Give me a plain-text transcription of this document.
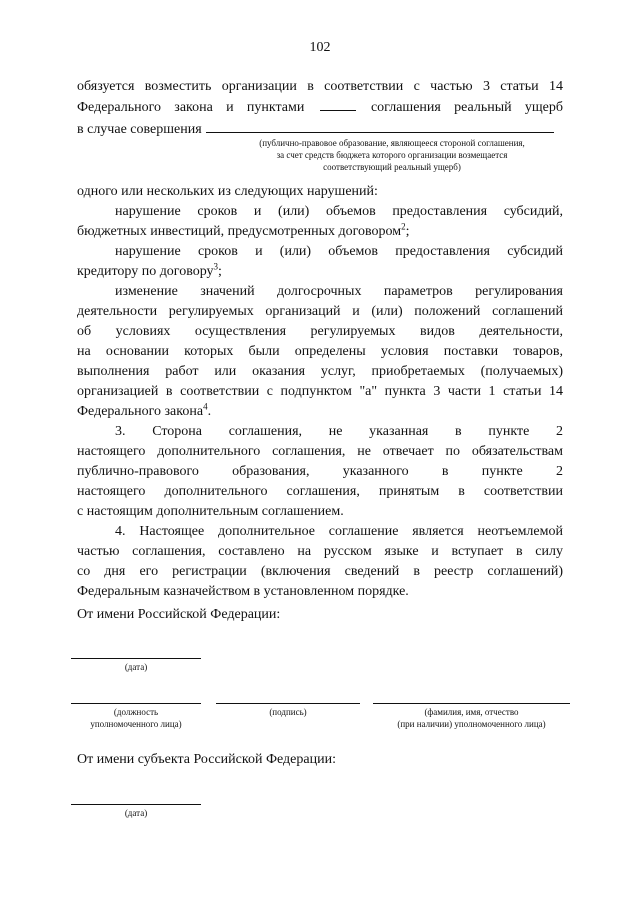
102

обязуется возместить организации в соответствии с частью 3 статьи 14

Федерального закона и пунктами	соглашения реальный ущерб

в случае совершения

(публично-правовое образование, являющееся стороной соглашения,
за счет средств бюджета которого организации возмещается
соответствующий реальный ущерб)

одного или нескольких из следующих нарушений:

нарушение сроков и (или) объемов предоставления субсидий,

бюджетных инвестиций, предусмотренных договором$^2$;

нарушение сроков и (или) объемов предоставления субсидий

кредитору по договору$^3$;

изменение значений долгосрочных параметров регулирования

деятельности регулируемых организаций и (или) положений соглашений

об условиях осуществления регулируемых видов деятельности,

на основании которых были определены условия поставки товаров,

выполнения работ или оказания услуг, приобретаемых (получаемых)

организацией в соответствии с подпунктом "а" пункта 3 части 1 статьи 14

Федерального закона$^4$.

3. Сторона соглашения, не указанная в пункте 2

настоящего дополнительного соглашения, не отвечает по обязательствам

публично-правового образования, указанного в пункте 2

настоящего дополнительного соглашения, принятым в соответствии

с настоящим дополнительным соглашением.

4. Настоящее дополнительное соглашение является неотъемлемой

частью соглашения, составлено на русском языке и вступает в силу

со дня его регистрации (включения сведений в реестр соглашений)

Федеральным казначейством в установленном порядке.

От имени Российской Федерации:
(дата)
(должность
уполномоченного лица)
(подпись)	(фамилия, имя, отчество
(при наличии) уполномоченного лица)
От имени субъекта Российской Федерации:
(дата)
